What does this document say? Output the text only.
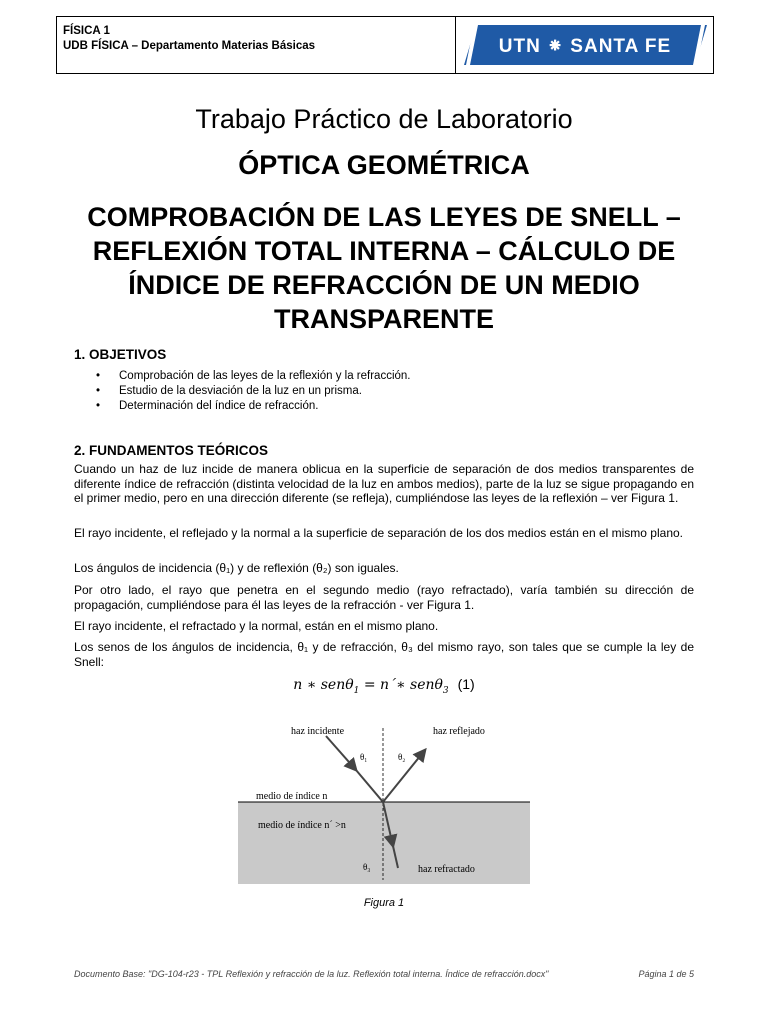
FÍSICA 1
UDB FÍSICA – Departamento Materias Básicas	UTN ⁕ SANTA FE
Trabajo Práctico de Laboratorio
ÓPTICA GEOMÉTRICA
COMPROBACIÓN DE LAS LEYES DE SNELL – REFLEXIÓN TOTAL INTERNA – CÁLCULO DE ÍNDICE DE REFRACCIÓN DE UN MEDIO TRANSPARENTE
1. OBJETIVOS
• Comprobación de las leyes de la reflexión y la refracción.
• Estudio de la desviación de la luz en un prisma.
• Determinación del índice de refracción.
2. FUNDAMENTOS TEÓRICOS
Cuando un haz de luz incide de manera oblicua en la superficie de separación de dos medios transparentes de diferente índice de refracción (distinta velocidad de la luz en ambos medios), parte de la luz se sigue propagando en el primer medio, pero en una dirección diferente (se refleja), cumpliéndose las leyes de la reflexión – ver Figura 1.
El rayo incidente, el reflejado y la normal a la superficie de separación de los dos medios están en el mismo plano.
Los ángulos de incidencia (θ₁) y de reflexión (θ₂) son iguales.
Por otro lado, el rayo que penetra en el segundo medio (rayo refractado), varía también su dirección de propagación, cumpliéndose para él las leyes de la refracción - ver Figura 1.
El rayo incidente, el refractado y la normal, están en el mismo plano.
Los senos de los ángulos de incidencia, θ₁ y de refracción, θ₃ del mismo rayo, son tales que se cumple la ley de Snell:
n ∗ senθ$_1$ = n´∗ senθ$_3$ (1)
haz incidente	haz reflejado
θ₁	θ₂
medio de índice n
medio de índice n´ >n
θ₃	haz refractado
Figura 1
Documento Base: "DG-104-r23 - TPL Reflexión y refracción de la luz. Reflexión total interna. Índice de refracción.docx"	Página 1 de 5
